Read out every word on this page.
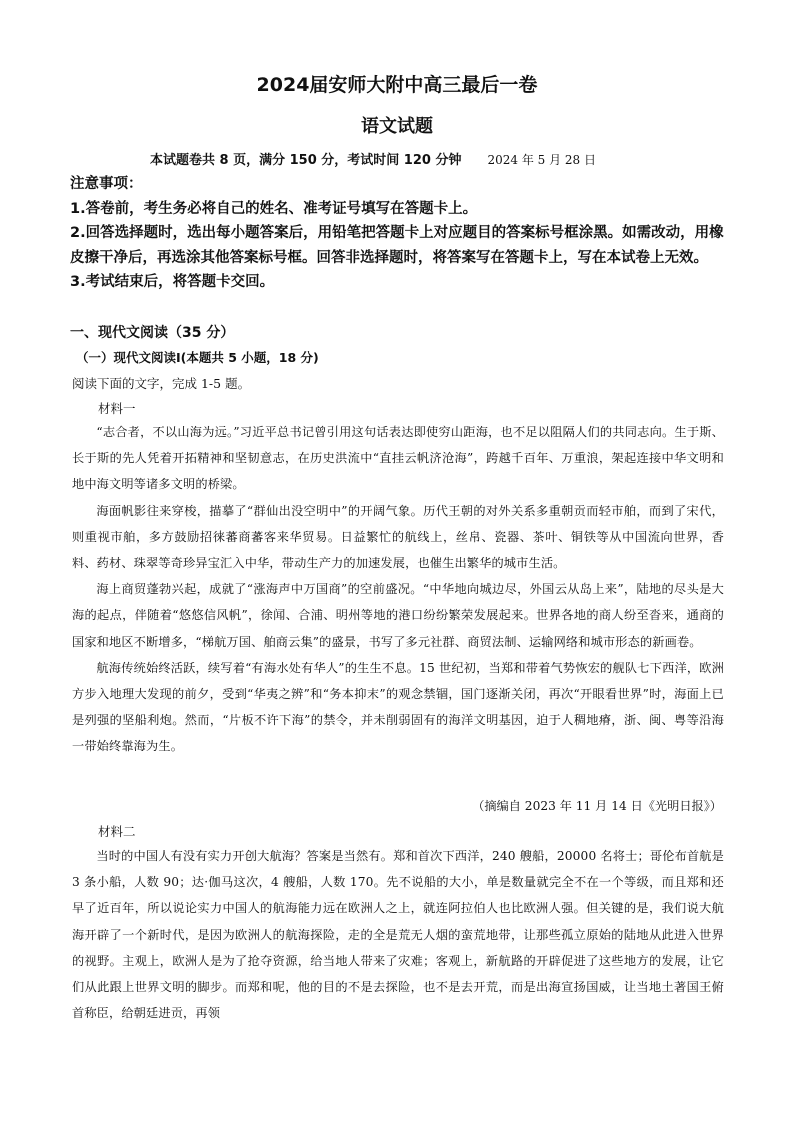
2024届安师大附中高三最后一卷
语文试题
本试题卷共 8 页，满分 150 分，考试时间 120 分钟 2024 年 5 月 28 日

注意事项：

1.答卷前，考生务必将自己的姓名、准考证号填写在答题卡上。

2.回答选择题时，选出每小题答案后，用铅笔把答题卡上对应题目的答案标号框涂黑。如需改动，用橡皮擦干净后，再选涂其他答案标号框。回答非选择题时，将答案写在答题卡上，写在本试卷上无效。

3.考试结束后，将答题卡交回。

一、现代文阅读（35 分）
（一）现代文阅读Ⅰ(本题共 5 小题，18 分)
阅读下面的文字，完成 1-5 题。
材料一

“志合者，不以山海为远。”习近平总书记曾引用这句话表达即使穷山距海，也不足以阻隔人们的共同志向。生于斯、长于斯的先人凭着开拓精神和坚韧意志，在历史洪流中“直挂云帆济沧海”，跨越千百年、万重浪，架起连接中华文明和地中海文明等诸多文明的桥梁。

海面帆影往来穿梭，描摹了“群仙出没空明中”的开阔气象。历代王朝的对外关系多重朝贡而轻市舶，而到了宋代，则重视市舶，多方鼓励招徕蕃商蕃客来华贸易。日益繁忙的航线上，丝帛、瓷器、茶叶、铜铁等从中国流向世界，香料、药材、珠翠等奇珍异宝汇入中华，带动生产力的加速发展，也催生出繁华的城市生活。

海上商贸蓬勃兴起，成就了“涨海声中万国商”的空前盛况。“中华地向城边尽，外国云从岛上来”，陆地的尽头是大海的起点，伴随着“悠悠信风帆”，徐闻、合浦、明州等地的港口纷纷繁荣发展起来。世界各地的商人纷至沓来，通商的国家和地区不断增多，“梯航万国、舶商云集”的盛景，书写了多元社群、商贸法制、运输网络和城市形态的新画卷。

航海传统始终活跃，续写着“有海水处有华人”的生生不息。15 世纪初，当郑和带着气势恢宏的舰队七下西洋，欧洲方步入地理大发现的前夕，受到“华夷之辨”和“务本抑末”的观念禁锢，国门逐渐关闭，再次“开眼看世界”时，海面上已是列强的坚船利炮。然而，“片板不许下海”的禁令，并未削弱固有的海洋文明基因，迫于人稠地瘠，浙、闽、粤等沿海一带始终靠海为生。

（摘编自 2023 年 11 月 14 日《光明日报》）
材料二

当时的中国人有没有实力开创大航海？答案是当然有。郑和首次下西洋，240 艘船，20000 名将士；哥伦布首航是 3 条小船，人数 90；达·伽马这次，4 艘船，人数 170。先不说船的大小，单是数量就完全不在一个等级，而且郑和还早了近百年，所以说论实力中国人的航海能力远在欧洲人之上，就连阿拉伯人也比欧洲人强。但关键的是，我们说大航海开辟了一个新时代，是因为欧洲人的航海探险，走的全是荒无人烟的蛮荒地带，让那些孤立原始的陆地从此进入世界的视野。主观上，欧洲人是为了抢夺资源，给当地人带来了灾难；客观上，新航路的开辟促进了这些地方的发展，让它们从此跟上世界文明的脚步。而郑和呢，他的目的不是去探险，也不是去开荒，而是出海宣扬国威，让当地土著国王俯首称臣，给朝廷进贡，再领
